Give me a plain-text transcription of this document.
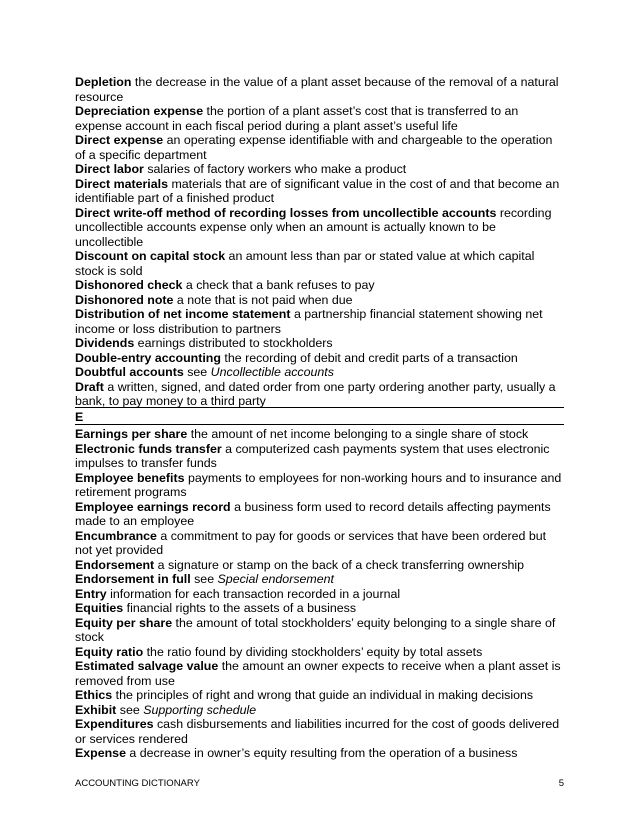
Depletion the decrease in the value of a plant asset because of the removal of a natural resource

Depreciation expense the portion of a plant asset’s cost that is transferred to an expense account in each fiscal period during a plant asset’s useful life

Direct expense an operating expense identifiable with and chargeable to the operation of a specific department

Direct labor salaries of factory workers who make a product

Direct materials materials that are of significant value in the cost of and that become an identifiable part of a finished product

Direct write-off method of recording losses from uncollectible accounts recording uncollectible accounts expense only when an amount is actually known to be uncollectible

Discount on capital stock an amount less than par or stated value at which capital stock is sold

Dishonored check a check that a bank refuses to pay

Dishonored note a note that is not paid when due

Distribution of net income statement a partnership financial statement showing net income or loss distribution to partners

Dividends earnings distributed to stockholders

Double-entry accounting the recording of debit and credit parts of a transaction

Doubtful accounts see Uncollectible accounts

Draft a written, signed, and dated order from one party ordering another party, usually a bank, to pay money to a third party

E

Earnings per share the amount of net income belonging to a single share of stock

Electronic funds transfer a computerized cash payments system that uses electronic impulses to transfer funds

Employee benefits payments to employees for non-working hours and to insurance and retirement programs

Employee earnings record a business form used to record details affecting payments made to an employee

Encumbrance a commitment to pay for goods or services that have been ordered but not yet provided

Endorsement a signature or stamp on the back of a check transferring ownership

Endorsement in full see Special endorsement

Entry information for each transaction recorded in a journal

Equities financial rights to the assets of a business

Equity per share the amount of total stockholders’ equity belonging to a single share of stock

Equity ratio the ratio found by dividing stockholders’ equity by total assets

Estimated salvage value the amount an owner expects to receive when a plant asset is removed from use

Ethics the principles of right and wrong that guide an individual in making decisions

Exhibit see Supporting schedule

Expenditures cash disbursements and liabilities incurred for the cost of goods delivered or services rendered

Expense a decrease in owner’s equity resulting from the operation of a business

ACCOUNTING DICTIONARY	5
